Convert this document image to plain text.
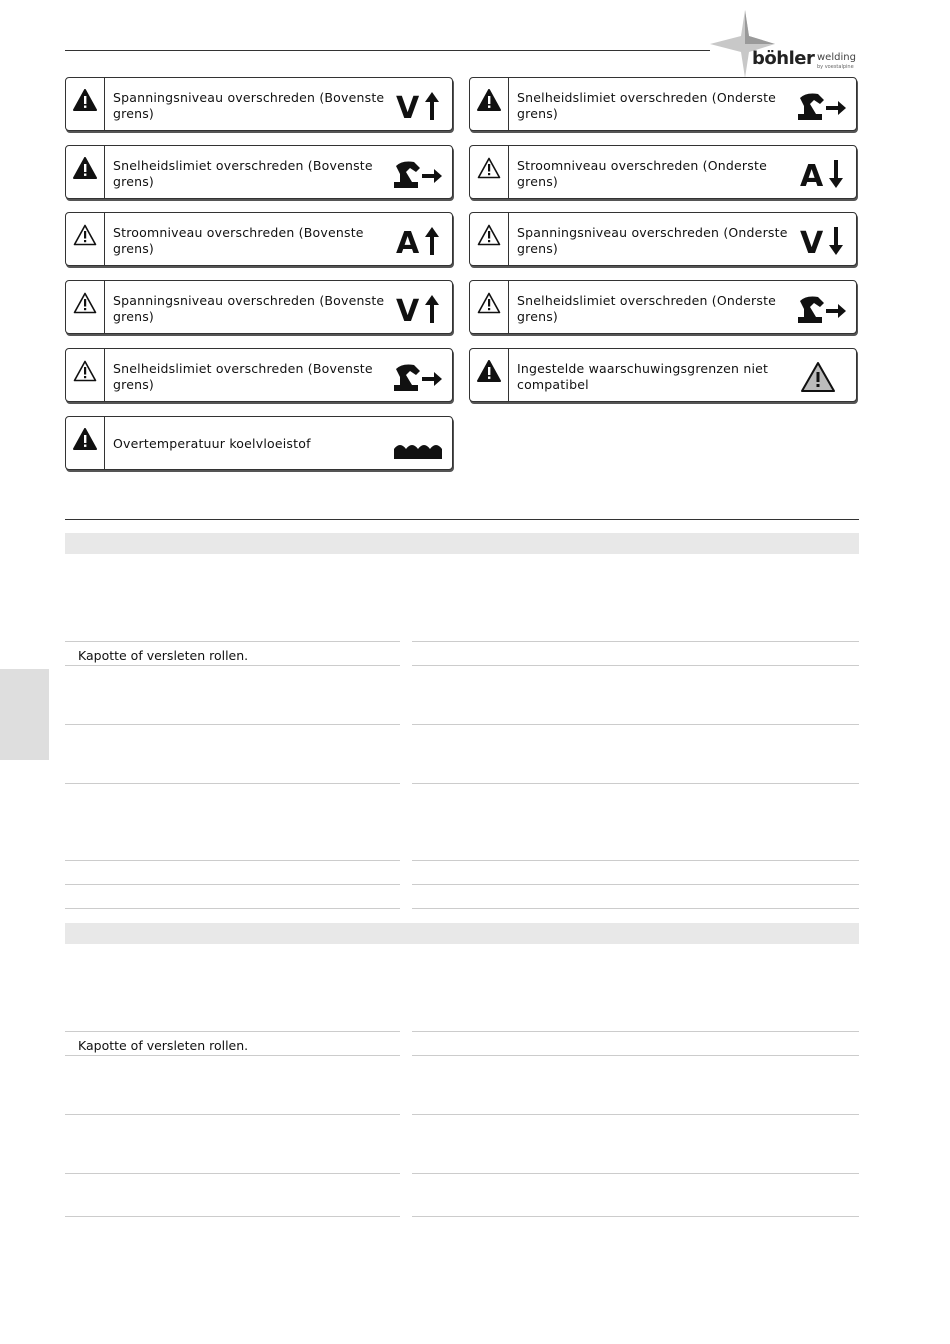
böhler welding
by voestalpine
Spanningsniveau overschreden (Bovenste grens)	V	Snelheidslimiet overschreden (Onderste grens)
Snelheidslimiet overschreden (Bovenste grens)
Stroomniveau overschreden (Onderste grens)	A
Stroomniveau overschreden (Bovenste grens)	A	Spanningsniveau overschreden (Onderste grens)	V
Spanningsniveau overschreden (Bovenste grens)	V	Snelheidslimiet overschreden (Onderste grens)
Snelheidslimiet overschreden (Bovenste grens)
Ingestelde waarschuwingsgrenzen niet compatibel
Overtemperatuur koelvloeistof
Kapotte of versleten rollen.
Kapotte of versleten rollen.
